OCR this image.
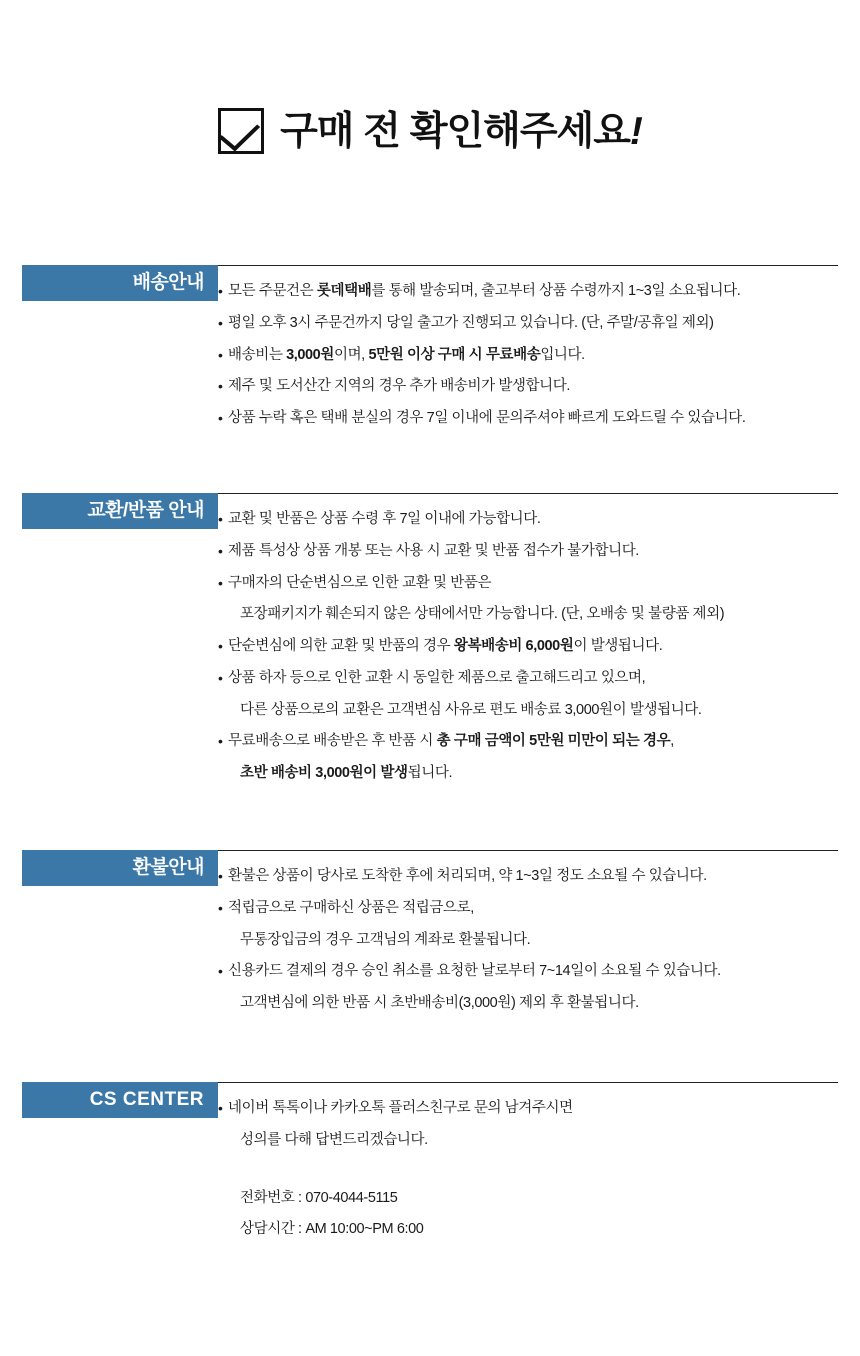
구매 전 확인해주세요!
배송안내	• 모든 주문건은 롯데택배를 통해 발송되며, 출고부터 상품 수령까지 1~3일 소요됩니다.
• 평일 오후 3시 주문건까지 당일 출고가 진행되고 있습니다. (단, 주말/공휴일 제외)
• 배송비는 3,000원이며, 5만원 이상 구매 시 무료배송입니다.
• 제주 및 도서산간 지역의 경우 추가 배송비가 발생합니다.
• 상품 누락 혹은 택배 분실의 경우 7일 이내에 문의주셔야 빠르게 도와드릴 수 있습니다.
교환/반품 안내	• 교환 및 반품은 상품 수령 후 7일 이내에 가능합니다.
• 제품 특성상 상품 개봉 또는 사용 시 교환 및 반품 접수가 불가합니다.
• 구매자의 단순변심으로 인한 교환 및 반품은
포장패키지가 훼손되지 않은 상태에서만 가능합니다. (단, 오배송 및 불량품 제외)
• 단순변심에 의한 교환 및 반품의 경우 왕복배송비 6,000원이 발생됩니다.
• 상품 하자 등으로 인한 교환 시 동일한 제품으로 출고해드리고 있으며,
다른 상품으로의 교환은 고객변심 사유로 편도 배송료 3,000원이 발생됩니다.
• 무료배송으로 배송받은 후 반품 시 총 구매 금액이 5만원 미만이 되는 경우,
초반 배송비 3,000원이 발생됩니다.
환불안내	• 환불은 상품이 당사로 도착한 후에 처리되며, 약 1~3일 정도 소요될 수 있습니다.
• 적립금으로 구매하신 상품은 적립금으로,
무통장입금의 경우 고객님의 계좌로 환불됩니다.
• 신용카드 결제의 경우 승인 취소를 요청한 날로부터 7~14일이 소요될 수 있습니다.
고객변심에 의한 반품 시 초반배송비(3,000원) 제외 후 환불됩니다.
CS CENTER	• 네이버 톡톡이나 카카오톡 플러스친구로 문의 남겨주시면
성의를 다해 답변드리겠습니다.
전화번호 : 070-4044-5115
상담시간 : AM 10:00~PM 6:00
